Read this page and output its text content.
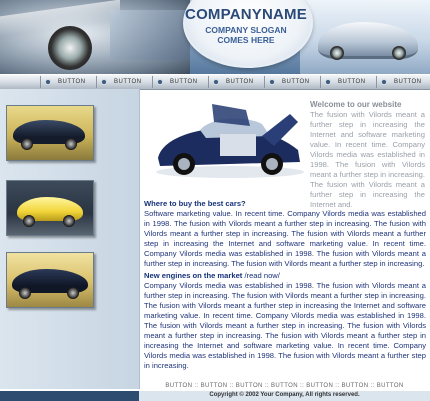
COMPANYNAME
COMPANY SLOGAN
COMES HERE
BUTTON	BUTTON	BUTTON	BUTTON	BUTTON	BUTTON	BUTTON
Welcome to our website
The fusion with Vilords meant a further step in increasing the Internet and software marketing value. In recent time. Company Vilords media was established in 1998. The fusion with Vilords meant a further step in increasing. The fusion with Vilords meant a further step in increasing the Internet and.
Where to buy the best cars?
Software marketing value. In recent time. Company Vilords media was established in 1998. The fusion with Vilords meant a further step in increasing. The fusion with Vilords meant a further step in increasing. The fusion with Vilords meant a further step in increasing the Internet and software marketing value. In recent time. Company Vilords media was established in 1998. The fusion with Vilords meant a further step in increasing. The fusion with Vilords meant a further step in increasing.
New engines on the market /read now/
Company Vilords media was established in 1998. The fusion with Vilords meant a further step in increasing. The fusion with Vilords meant a further step in increasing. The fusion with Vilords meant a further step in increasing the Internet and software marketing value. In recent time. Company Vilords media was established in 1998. The fusion with Vilords meant a further step in increasing. The fusion with Vilords meant a further step in increasing. The fusion with Vilords meant a further step in increasing the Internet and software marketing value. In recent time. Company Vilords media was established in 1998. The fusion with Vilords meant a further step in increasing.
BUTTON :: BUTTON :: BUTTON :: BUTTON :: BUTTON :: BUTTON :: BUTTON
Copyright © 2002 Your Company, All rights reserved.
